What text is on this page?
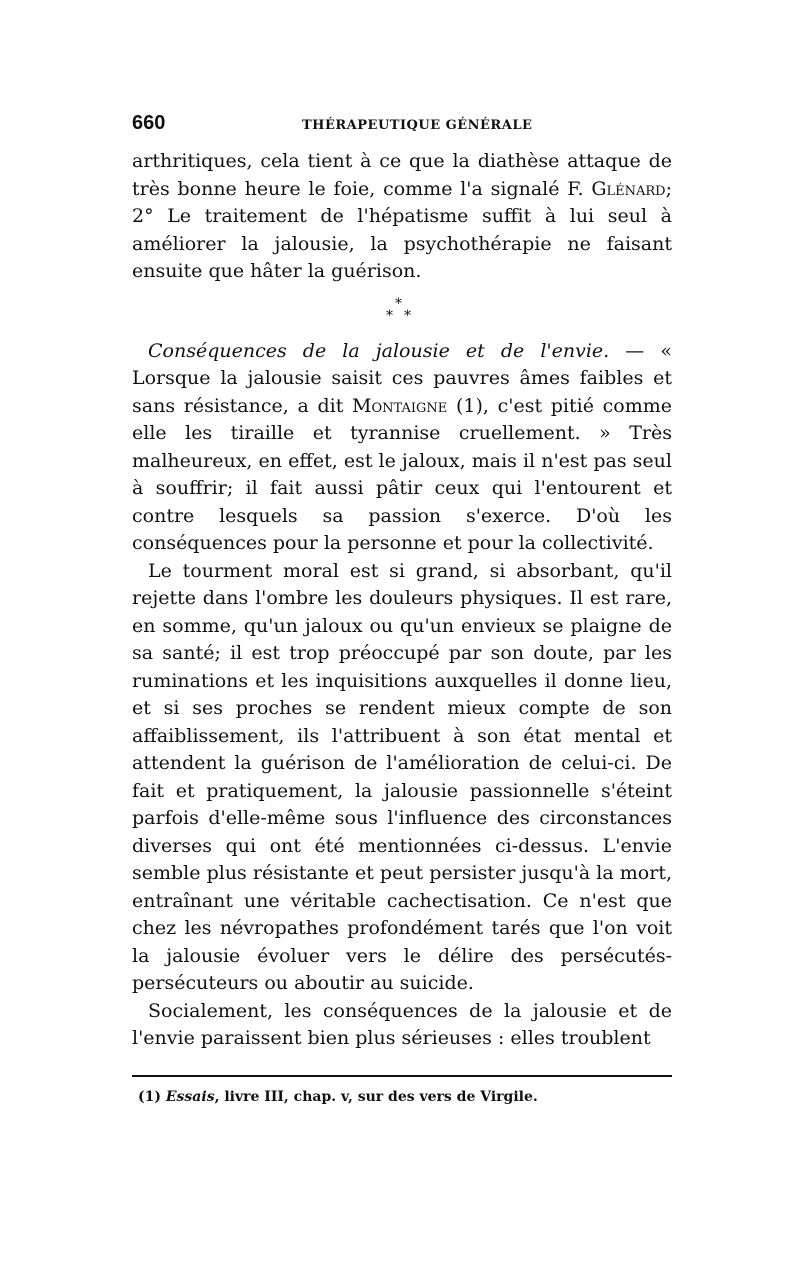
660	THÉRAPEUTIQUE GÉNÉRALE

arthritiques, cela tient à ce que la diathèse attaque de très bonne heure le foie, comme l'a signalé F. Glénard; 2° Le traitement de l'hépatisme suffit à lui seul à améliorer la jalousie, la psychothérapie ne faisant ensuite que hâter la guérison.

*
* *

Conséquences de la jalousie et de l'envie. — « Lorsque la jalousie saisit ces pauvres âmes faibles et sans résistance, a dit Montaigne (1), c'est pitié comme elle les tiraille et tyrannise cruellement. » Très malheureux, en effet, est le jaloux, mais il n'est pas seul à souffrir; il fait aussi pâtir ceux qui l'entourent et contre lesquels sa passion s'exerce. D'où les conséquences pour la personne et pour la collectivité.

Le tourment moral est si grand, si absorbant, qu'il rejette dans l'ombre les douleurs physiques. Il est rare, en somme, qu'un jaloux ou qu'un envieux se plaigne de sa santé; il est trop préoccupé par son doute, par les ruminations et les inquisitions auxquelles il donne lieu, et si ses proches se rendent mieux compte de son affaiblissement, ils l'attribuent à son état mental et attendent la guérison de l'amélioration de celui-ci. De fait et pratiquement, la jalousie passionnelle s'éteint parfois d'elle-même sous l'influence des circonstances diverses qui ont été mentionnées ci-dessus. L'envie semble plus résistante et peut persister jusqu'à la mort, entraînant une véritable cachectisation. Ce n'est que chez les névropathes profondément tarés que l'on voit la jalousie évoluer vers le délire des persécutés-persécuteurs ou aboutir au suicide.

Socialement, les conséquences de la jalousie et de l'envie paraissent bien plus sérieuses : elles troublent

(1) Essais, livre III, chap. v, sur des vers de Virgile.
